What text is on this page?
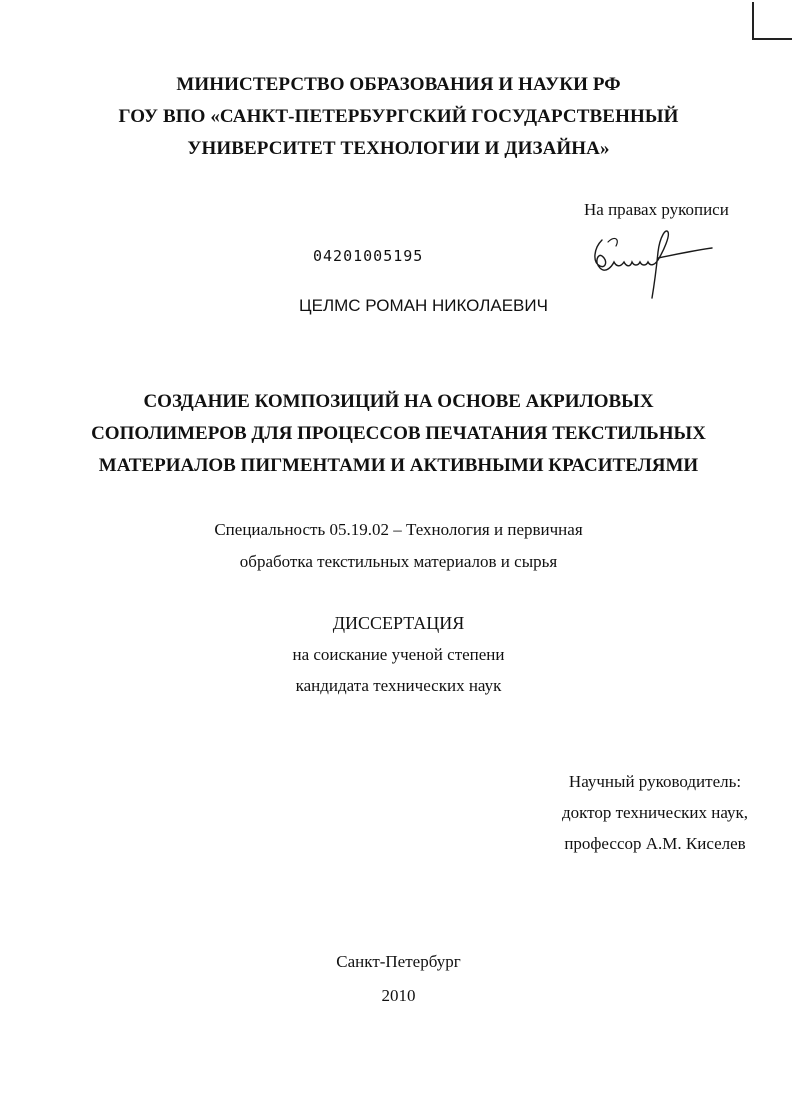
МИНИСТЕРСТВО ОБРАЗОВАНИЯ И НАУКИ РФ
ГОУ ВПО «САНКТ-ПЕТЕРБУРГСКИЙ ГОСУДАРСТВЕННЫЙ
УНИВЕРСИТЕТ ТЕХНОЛОГИИ И ДИЗАЙНА»
На правах рукописи
04201005195
ЦЕЛМС РОМАН НИКОЛАЕВИЧ
СОЗДАНИЕ КОМПОЗИЦИЙ НА ОСНОВЕ АКРИЛОВЫХ
СОПОЛИМЕРОВ ДЛЯ ПРОЦЕССОВ ПЕЧАТАНИЯ ТЕКСТИЛЬНЫХ
МАТЕРИАЛОВ ПИГМЕНТАМИ И АКТИВНЫМИ КРАСИТЕЛЯМИ
Специальность 05.19.02 – Технология и первичная
обработка текстильных материалов и сырья
ДИССЕРТАЦИЯ
на соискание ученой степени
кандидата технических наук
Научный руководитель:
доктор технических наук,
профессор А.М. Киселев
Санкт-Петербург
2010
